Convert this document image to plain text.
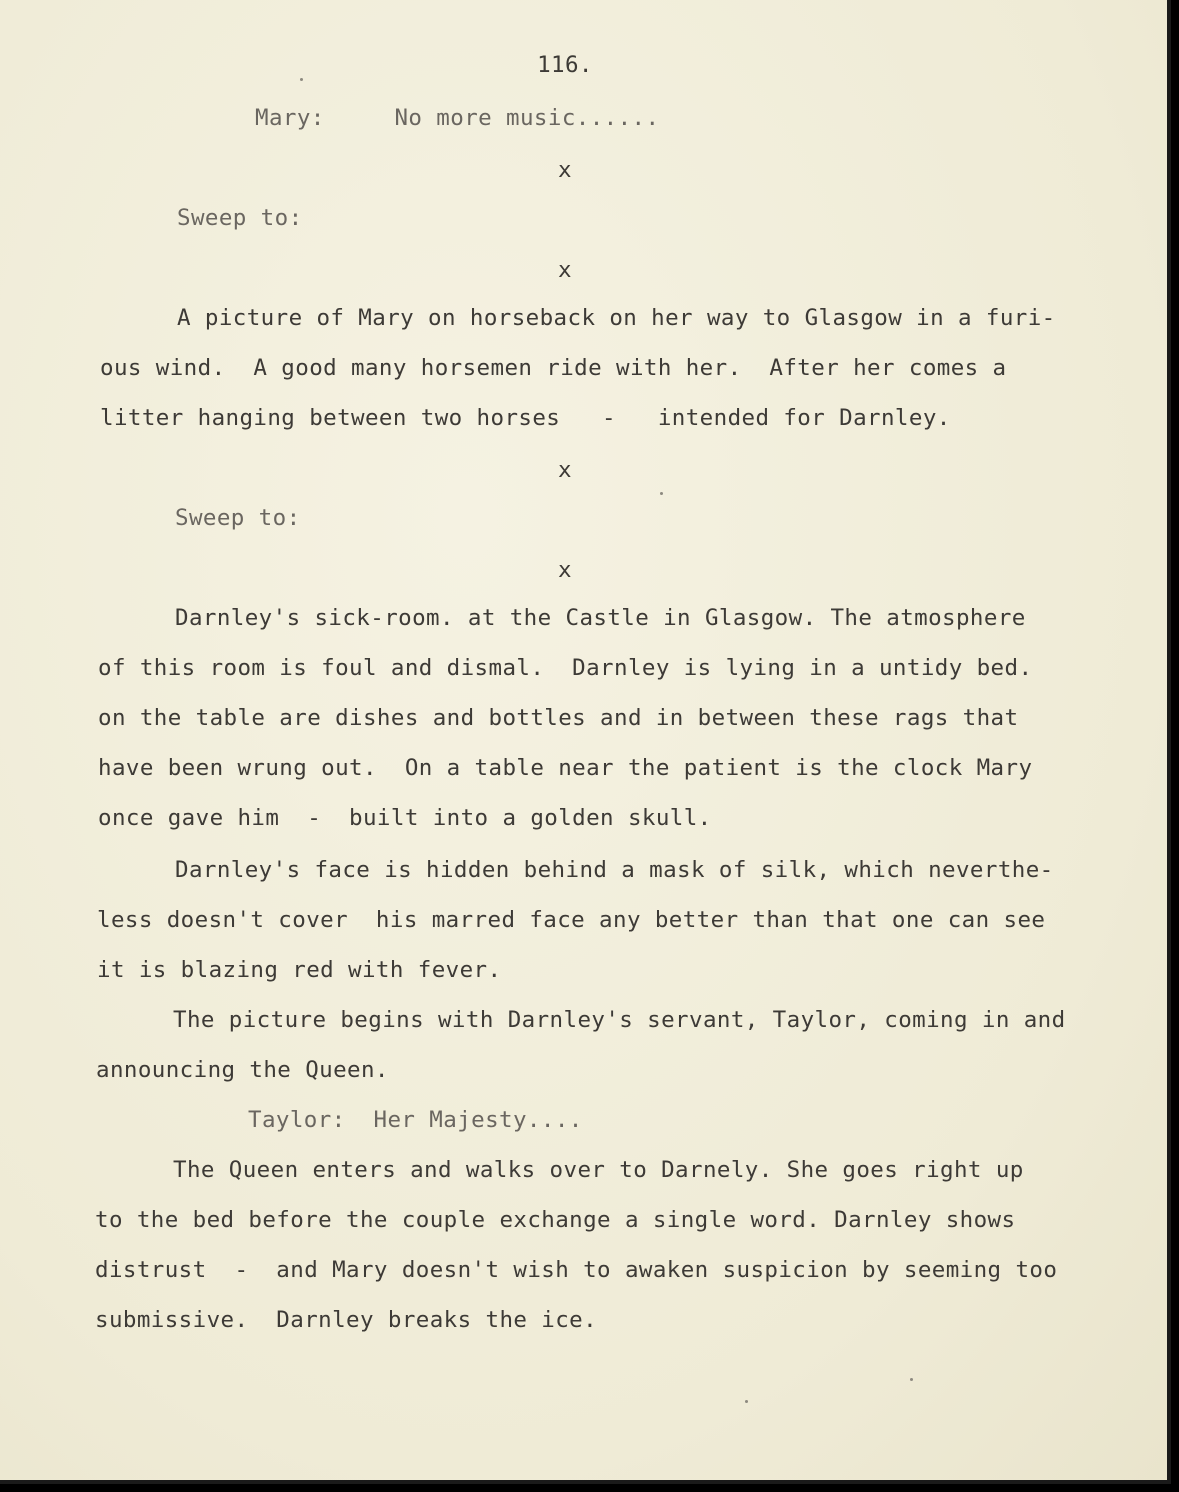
116.

Mary:     No more music......

x

Sweep to:

x

A picture of Mary on horseback on her way to Glasgow in a furi-

ous wind.  A good many horsemen ride with her.  After her comes a

litter hanging between two horses   -   intended for Darnley.

x

Sweep to:

x

Darnley's sick-room. at the Castle in Glasgow. The atmosphere

of this room is foul and dismal.  Darnley is lying in a untidy bed.

on the table are dishes and bottles and in between these rags that

have been wrung out.  On a table near the patient is the clock Mary

once gave him  -  built into a golden skull.

Darnley's face is hidden behind a mask of silk, which neverthe-

less doesn't cover  his marred face any better than that one can see

it is blazing red with fever.

The picture begins with Darnley's servant, Taylor, coming in and

announcing the Queen.

Taylor:  Her Majesty....

The Queen enters and walks over to Darnely. She goes right up

to the bed before the couple exchange a single word. Darnley shows

distrust  -  and Mary doesn't wish to awaken suspicion by seeming too

submissive.  Darnley breaks the ice.
